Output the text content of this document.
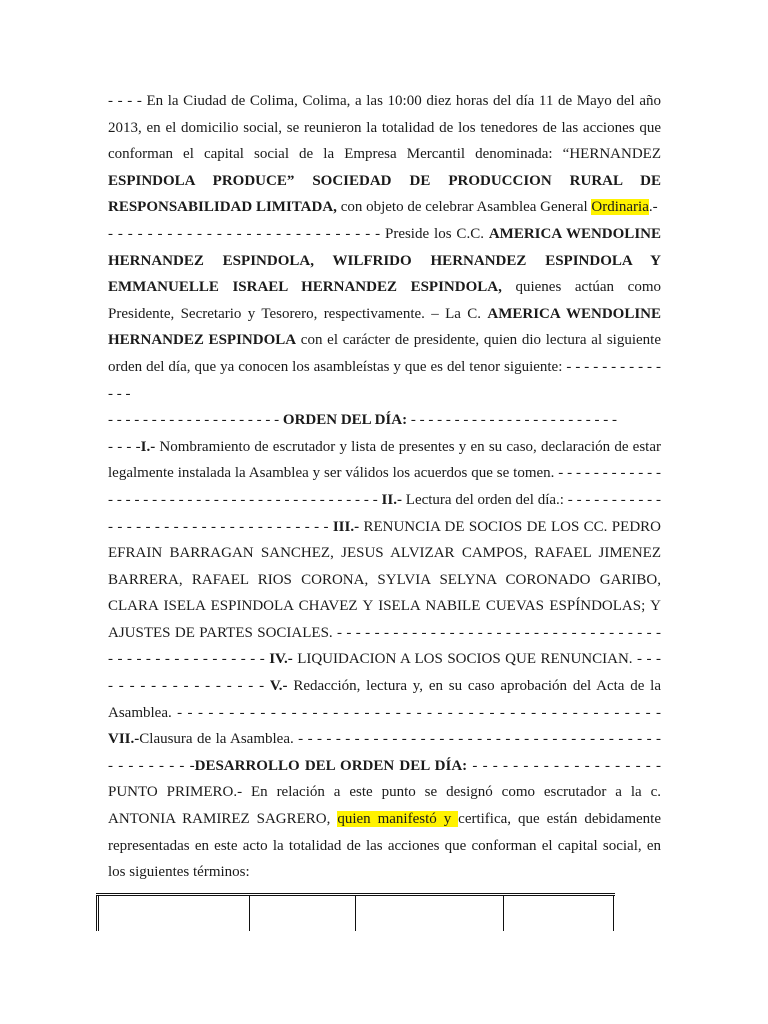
- - - - En la Ciudad de Colima, Colima, a las 10:00 diez horas del día 11 de Mayo del año
2013, en el domicilio social, se reunieron la totalidad de los tenedores de las acciones que
conforman el capital social de la Empresa Mercantil denominada: “HERNANDEZ
ESPINDOLA PRODUCE” SOCIEDAD DE PRODUCCION RURAL DE
RESPONSABILIDAD LIMITADA, con objeto de celebrar Asamblea General Ordinaria.-
- - - - - - - - - - - - - - - - - - - - - - - - - - - - Preside los C.C. AMERICA WENDOLINE
HERNANDEZ ESPINDOLA, WILFRIDO HERNANDEZ ESPINDOLA Y
EMMANUELLE ISRAEL HERNANDEZ ESPINDOLA, quienes actúan como
Presidente, Secretario y Tesorero, respectivamente. – La C. AMERICA WENDOLINE
HERNANDEZ ESPINDOLA con el carácter de presidente, quien dio lectura al siguiente
orden del día, que ya conocen los asambleístas y que es del tenor siguiente: - - - - - - - - - - -
- - -
- - - - - - - - - - - - - - - - - - - - ORDEN DEL DÍA: - - - - - - - - - - - - - - - - - - - - - - - -
- - - -I.- Nombramiento de escrutador y lista de presentes y en su caso, declaración de estar
legalmente instalada la Asamblea y ser válidos los acuerdos que se tomen. - - - - - - - - - - - -
- - - - - - - - - - - - - - - - - - - - - - - - - - - - - - - II.- Lectura del orden del día.: - - - - - - - - - - -
- - - - - - - - - - - - - - - - - - - - - - - - III.- RENUNCIA DE SOCIOS DE LOS CC. PEDRO
EFRAIN BARRAGAN SANCHEZ, JESUS ALVIZAR CAMPOS, RAFAEL JIMENEZ
BARRERA, RAFAEL RIOS CORONA, SYLVIA SELYNA CORONADO GARIBO,
CLARA ISELA ESPINDOLA CHAVEZ Y ISELA NABILE CUEVAS ESPÍNDOLAS; Y
AJUSTES DE PARTES SOCIALES. - - - - - - - - - - - - - - - - - - - - - - - - - - - - - - - - - - -
- - - - - - - - - - - - - - - - - IV.- LIQUIDACION A LOS SOCIOS QUE RENUNCIAN. - - -
- - - - - - - - - - - - - - - V.- Redacción, lectura y, en su caso aprobación del Acta de la
Asamblea. - - - - - - - - - - - - - - - - - - - - - - - - - - - - - - - - - - - - - - - - - - - - - - -
VII.-Clausura de la Asamblea. - - - - - - - - - - - - - - - - - - - - - - - - - - - - - - - - - - - - - - -
- - - - - - - - -DESARROLLO DEL ORDEN DEL DÍA: - - - - - - - - - - - - - - - - - - -
PUNTO PRIMERO.- En relación a este punto se designó como escrutador a la c.
ANTONIA RAMIREZ SAGRERO, quien manifestó y certifica, que están debidamente
representadas en este acto la totalidad de las acciones que conforman el capital social, en
los siguientes términos:
